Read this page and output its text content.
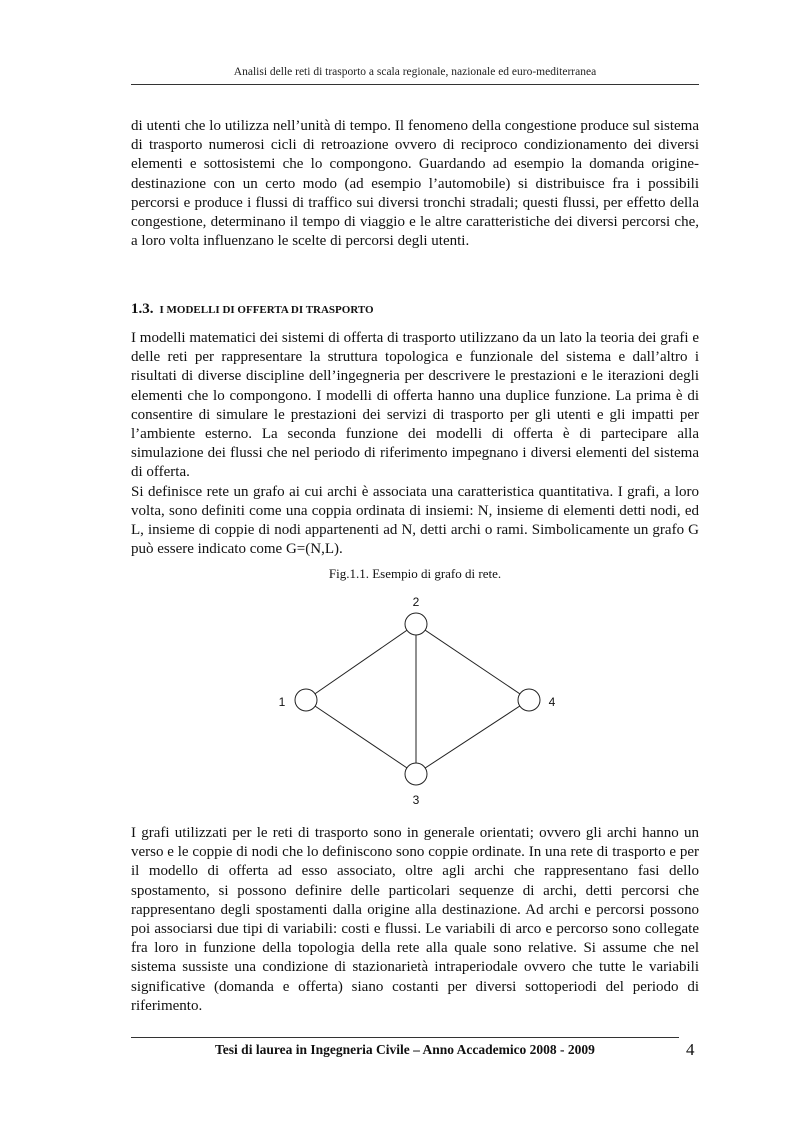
Analisi delle reti di trasporto a scala regionale, nazionale ed euro-mediterranea

di utenti che lo utilizza nell’unità di tempo. Il fenomeno della congestione produce sul sistema di trasporto numerosi cicli di retroazione ovvero di reciproco condizionamento dei diversi elementi e sottosistemi che lo compongono. Guardando ad esempio la domanda origine-destinazione con un certo modo (ad esempio l’automobile) si distribuisce fra i possibili percorsi e produce i flussi di traffico sui diversi tronchi stradali; questi flussi, per effetto della congestione, determinano il tempo di viaggio e le altre caratteristiche dei diversi percorsi che, a loro volta influenzano le scelte di percorsi degli utenti.

1.3. I MODELLI DI OFFERTA DI TRASPORTO

I modelli matematici dei sistemi di offerta di trasporto utilizzano da un lato la teoria dei grafi e delle reti per rappresentare la struttura topologica e funzionale del sistema e dall’altro i risultati di diverse discipline dell’ingegneria per descrivere le prestazioni e le iterazioni degli elementi che lo compongono. I modelli di offerta hanno una duplice funzione. La prima è di consentire di simulare le prestazioni dei servizi di trasporto per gli utenti e gli impatti per l’ambiente esterno. La seconda funzione dei modelli di offerta è di partecipare alla simulazione dei flussi che nel periodo di riferimento impegnano i diversi elementi del sistema di offerta.

Si definisce rete un grafo ai cui archi è associata una caratteristica quantitativa. I grafi, a loro volta, sono definiti come una coppia ordinata di insiemi: N, insieme di elementi detti nodi, ed L, insieme di coppie di nodi appartenenti ad N, detti archi o rami. Simbolicamente un grafo G può essere indicato come G=(N,L).

Fig.1.1. Esempio di grafo di rete.

1
2
3
4

I grafi utilizzati per le reti di trasporto sono in generale orientati; ovvero gli archi hanno un verso e le coppie di nodi che lo definiscono sono coppie ordinate. In una rete di trasporto e per il modello di offerta ad esso associato, oltre agli archi che rappresentano fasi dello spostamento, si possono definire delle particolari sequenze di archi, detti percorsi che rappresentano degli spostamenti dalla origine alla destinazione. Ad archi e percorsi possono poi associarsi due tipi di variabili: costi e flussi. Le variabili di arco e percorso sono collegate fra loro in funzione della topologia della rete alla quale sono relative. Si assume che nel sistema sussiste una condizione di stazionarietà intraperiodale ovvero che tutte le variabili significative (domanda e offerta) siano costanti per diversi sottoperiodi del periodo di riferimento.

Tesi di laurea in Ingegneria Civile – Anno Accademico 2008 - 2009	4
